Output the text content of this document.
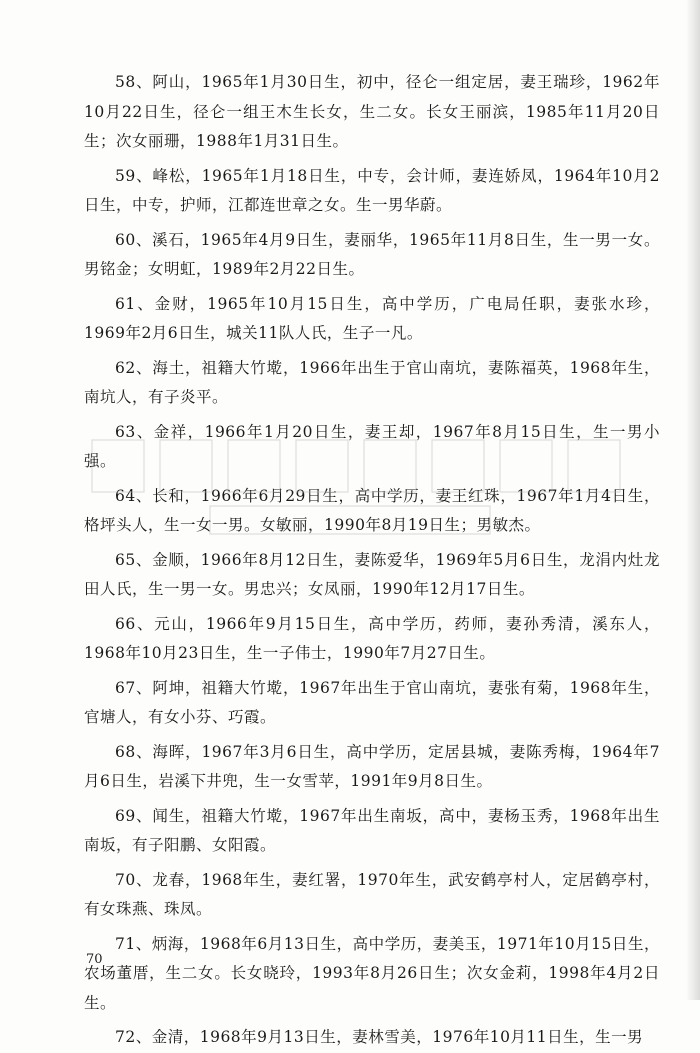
58、阿山，1965年1月30日生，初中，径仑一组定居，妻王瑞珍，1962年10月22日生，径仑一组王木生长女，生二女。长女王丽滨，1985年11月20日生；次女丽珊，1988年1月31日生。

59、峰松，1965年1月18日生，中专，会计师，妻连娇凤，1964年10月2日生，中专，护师，江都连世章之女。生一男华蔚。

60、溪石，1965年4月9日生，妻丽华，1965年11月8日生，生一男一女。男铭金；女明虹，1989年2月22日生。

61、金财，1965年10月15日生，高中学历，广电局任职，妻张水珍，1969年2月6日生，城关11队人氏，生子一凡。

62、海土，祖籍大竹墘，1966年出生于官山南坑，妻陈福英，1968年生，南坑人，有子炎平。

63、金祥，1966年1月20日生，妻王却，1967年8月15日生，生一男小强。

64、长和，1966年6月29日生，高中学历，妻王红珠，1967年1月4日生，格坪头人，生一女一男。女敏丽，1990年8月19日生；男敏杰。

65、金顺，1966年8月12日生，妻陈爱华，1969年5月6日生，龙涓内灶龙田人氏，生一男一女。男忠兴；女凤丽，1990年12月17日生。

66、元山，1966年9月15日生，高中学历，药师，妻孙秀清，溪东人，1968年10月23日生，生一子伟士，1990年7月27日生。

67、阿坤，祖籍大竹墘，1967年出生于官山南坑，妻张有菊，1968年生，官塘人，有女小芬、巧霞。

68、海晖，1967年3月6日生，高中学历，定居县城，妻陈秀梅，1964年7月6日生，岩溪下井兜，生一女雪苹，1991年9月8日生。

69、闻生，祖籍大竹墘，1967年出生南坂，高中，妻杨玉秀，1968年出生南坂，有子阳鹏、女阳霞。

70、龙春，1968年生，妻红署，1970年生，武安鹤亭村人，定居鹤亭村，有女珠燕、珠凤。

71、炳海，1968年6月13日生，高中学历，妻美玉，1971年10月15日生，农场董厝，生二女。长女晓玲，1993年8月26日生；次女金莉，1998年4月2日生。

72、金清，1968年9月13日生，妻林雪美，1976年10月11日生，生一男

70
